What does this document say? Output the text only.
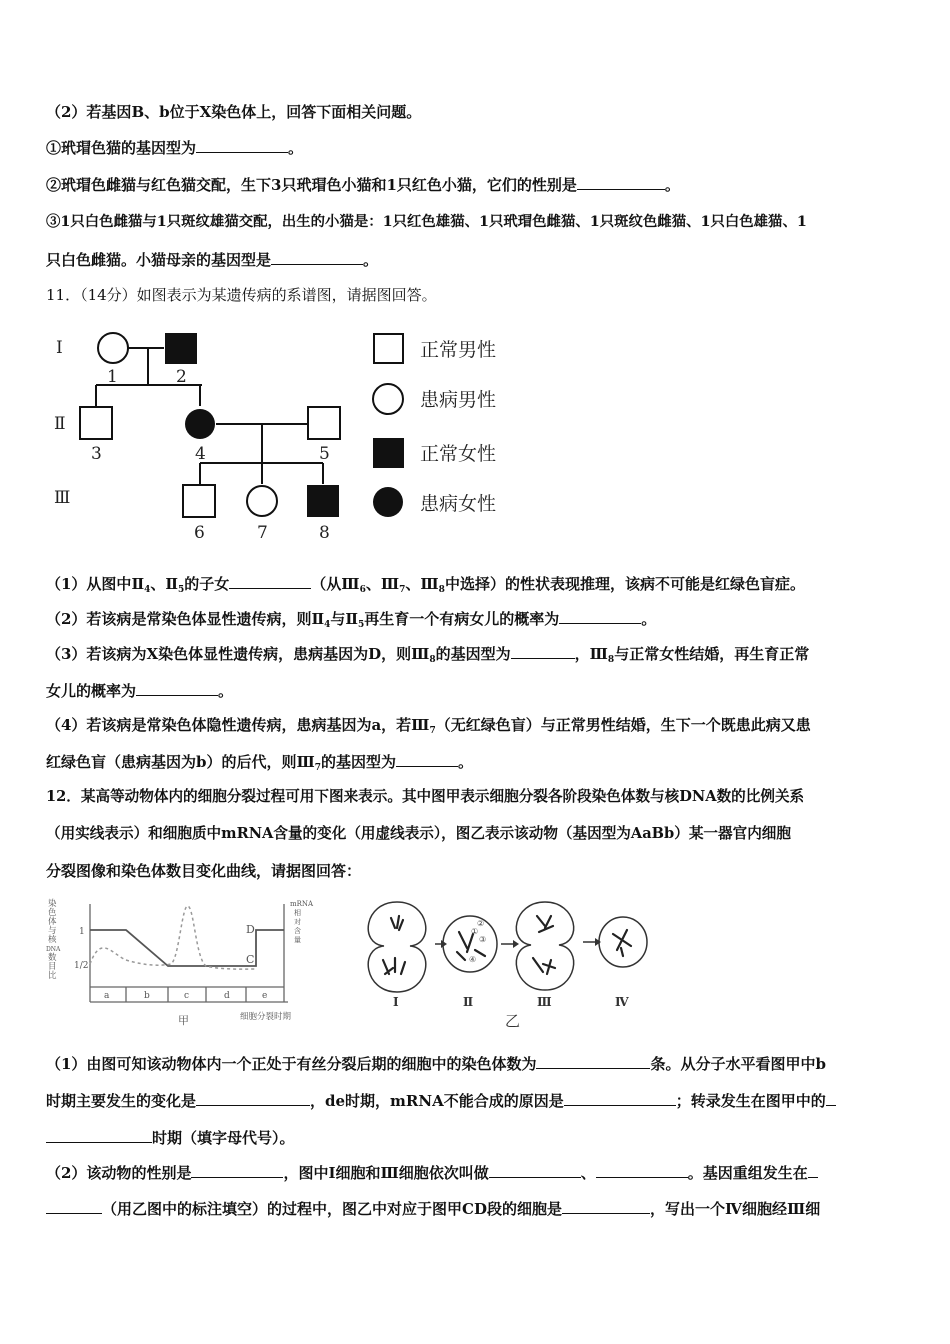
（2）若基因B、b位于X染色体上，回答下面相关问题。
①玳瑁色猫的基因型为	。
②玳瑁色雌猫与红色猫交配，生下3只玳瑁色小猫和1只红色小猫，它们的性别是	。
③1只白色雌猫与1只斑纹雄猫交配，出生的小猫是：1只红色雄猫、1只玳瑁色雌猫、1只斑纹色雌猫、1只白色雄猫、1
只白色雌猫。小猫母亲的基因型是	。
11．（14分）如图表示为某遗传病的系谱图，请据图回答。
Ⅰ
Ⅱ
Ⅲ
1	2
3	4	5
6	7	8
正常男性
患病男性
正常女性
患病女性
（1）从图中$Ⅱ_4$、$Ⅱ_5$的子女	（从$Ⅲ_6$、$Ⅲ_7$、$Ⅲ_8$中选择）的性状表现推理，该病不可能是红绿色盲症。
（2）若该病是常染色体显性遗传病，则$Ⅱ_4$与$Ⅱ_5$再生育一个有病女儿的概率为	。
（3）若该病为X染色体显性遗传病，患病基因为D，则$Ⅲ_8$的基因型为	，$Ⅲ_8$与正常女性结婚，再生育正常
女儿的概率为	。
（4）若该病是常染色体隐性遗传病，患病基因为a，若$Ⅲ_7$（无红绿色盲）与正常男性结婚，生下一个既患此病又患
红绿色盲（患病基因为b）的后代，则$Ⅲ_7$的基因型为	。
12．某高等动物体内的细胞分裂过程可用下图来表示。其中图甲表示细胞分裂各阶段染色体数与核DNA数的比例关系
（用实线表示）和细胞质中mRNA含量的变化（用虚线表示），图乙表示该动物（基因型为AaBb）某一器官内细胞
分裂图像和染色体数目变化曲线，请据图回答：
染色体与核 DNA 数目比
1
1/2
a	b	c	d	e
D
C
细胞分裂时期
甲
mRNA 相对含量
①
②
③
④
Ⅰ	Ⅱ	Ⅲ	Ⅳ
乙
（1）由图可知该动物体内一个正处于有丝分裂后期的细胞中的染色体数为	条。从分子水平看图甲中b
时期主要发生的变化是	，de时期，mRNA不能合成的原因是	；转录发生在图甲中的
时期（填字母代号）。
（2）该动物的性别是	，图中Ⅰ细胞和Ⅲ细胞依次叫做	、	。基因重组发生在
（用乙图中的标注填空）的过程中，图乙中对应于图甲CD段的细胞是	，写出一个Ⅳ细胞经Ⅲ细
